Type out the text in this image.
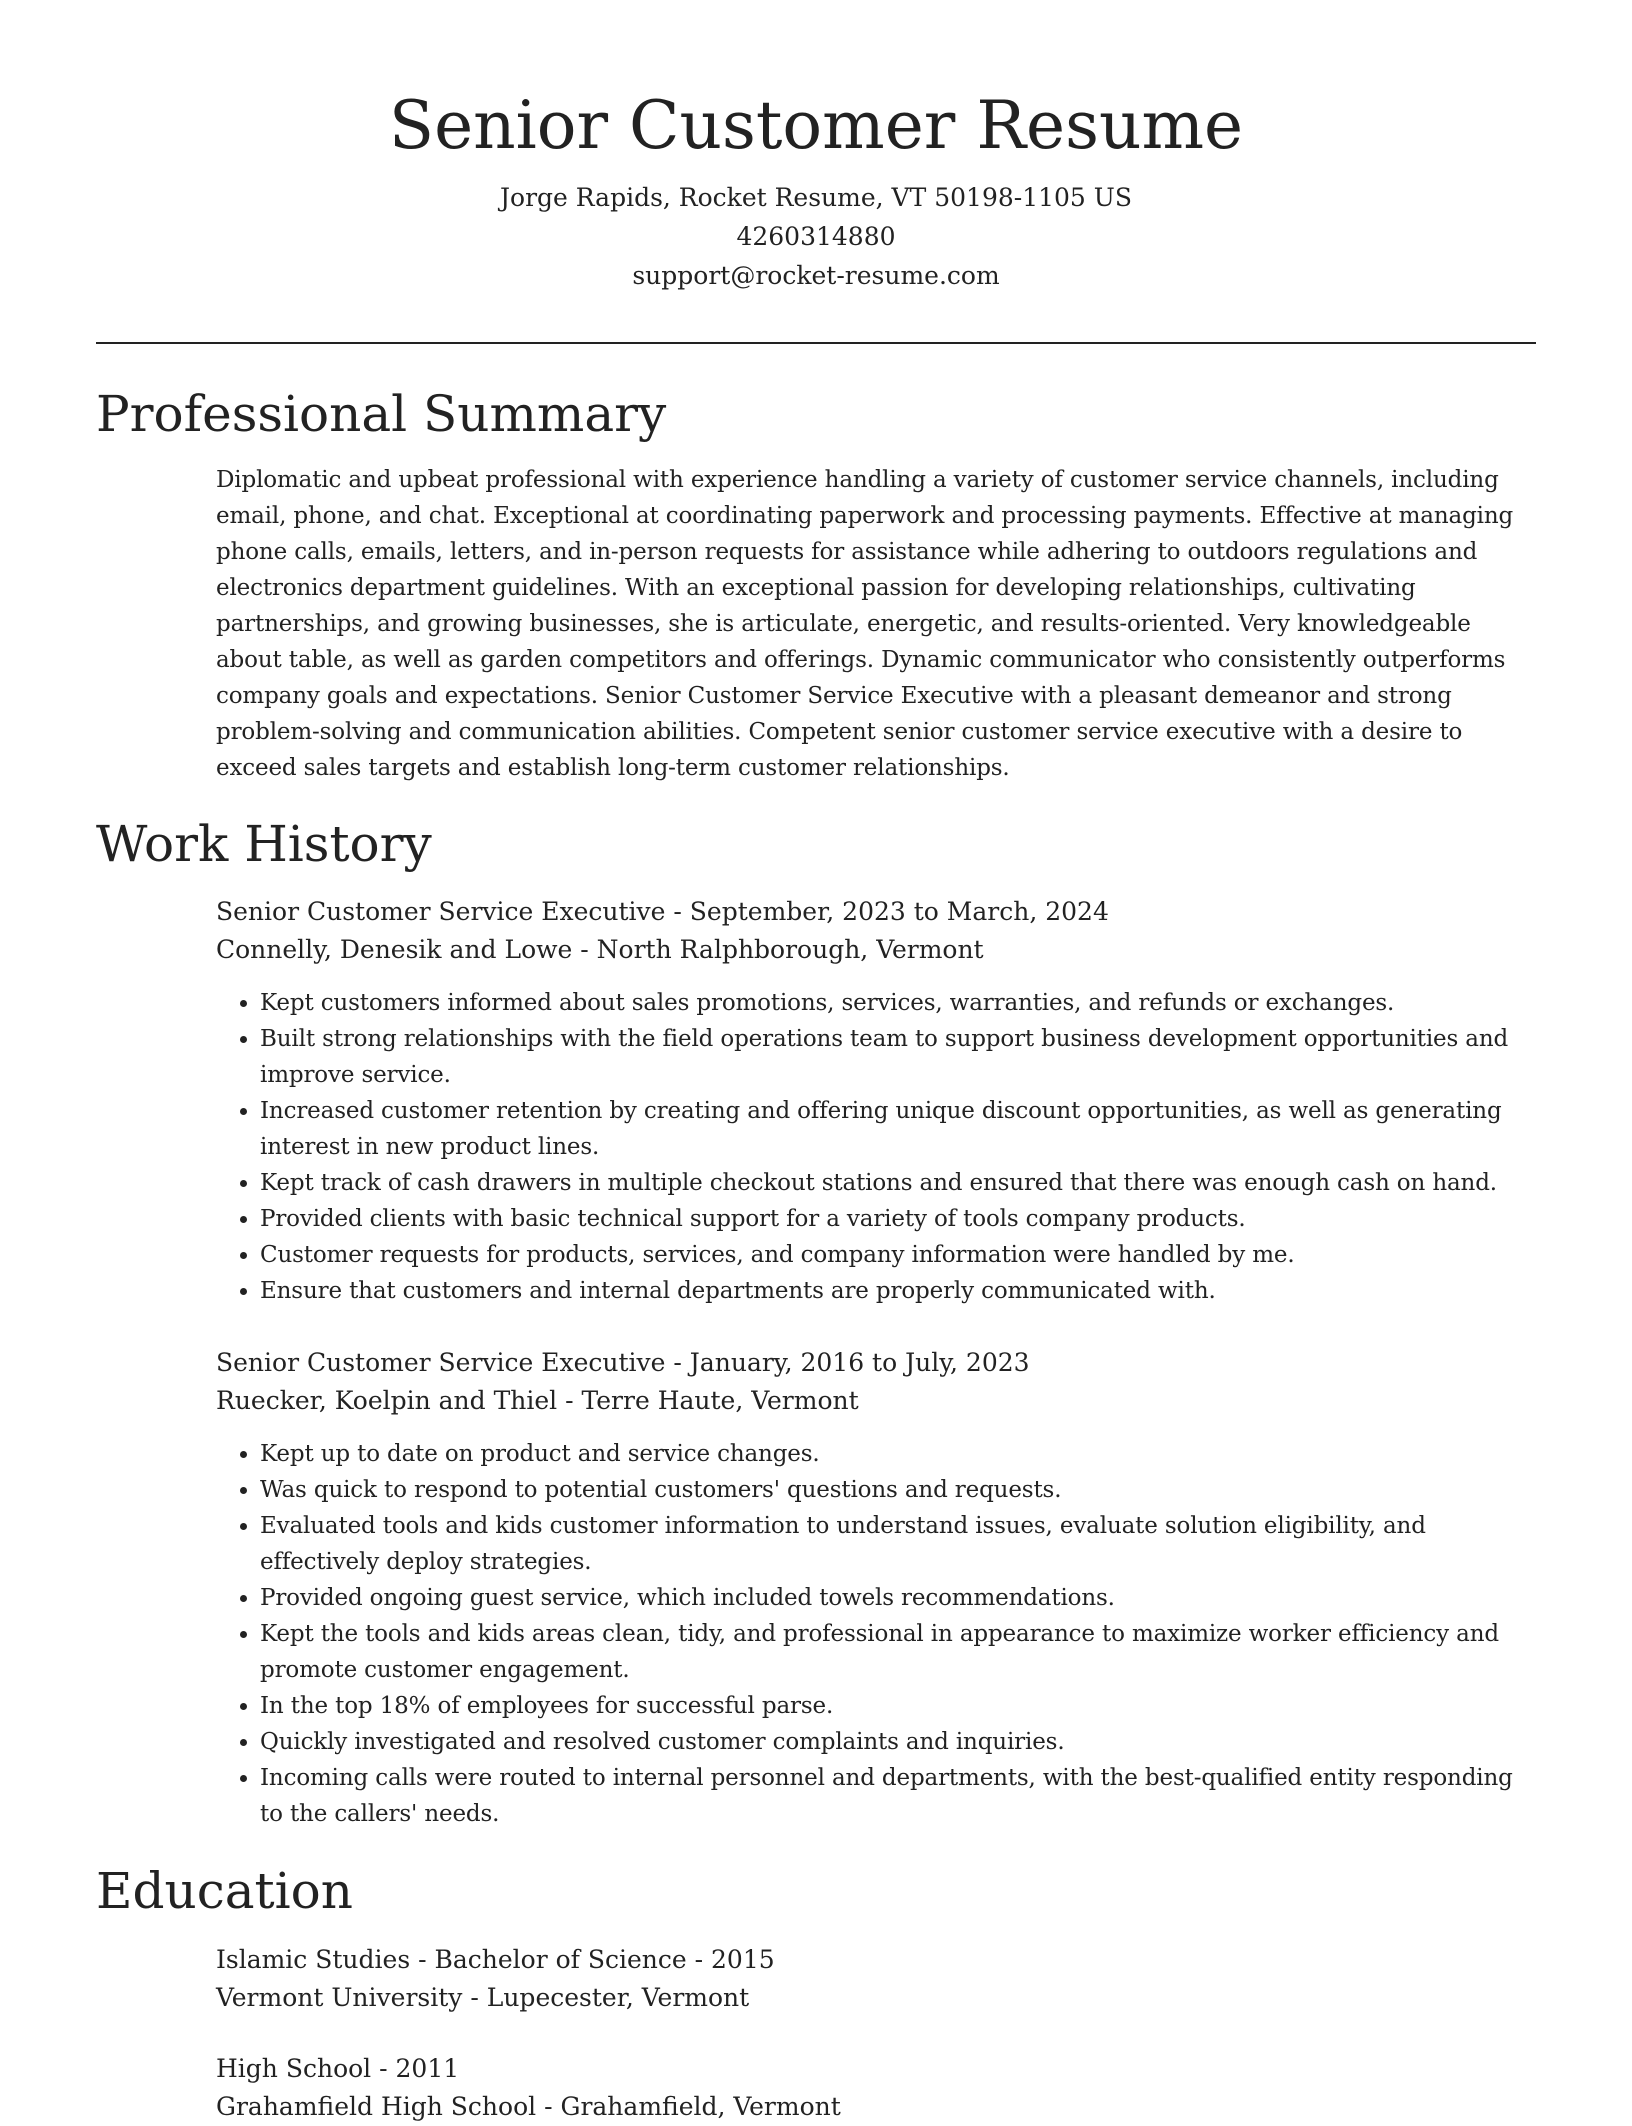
Senior Customer Resume

Jorge Rapids, Rocket Resume, VT 50198-1105 US

4260314880

support@rocket-resume.com

Professional Summary

Diplomatic and upbeat professional with experience handling a variety of customer service channels, including email, phone, and chat. Exceptional at coordinating paperwork and processing payments. Effective at managing phone calls, emails, letters, and in-person requests for assistance while adhering to outdoors regulations and electronics department guidelines. With an exceptional passion for developing relationships, cultivating partnerships, and growing businesses, she is articulate, energetic, and results-oriented. Very knowledgeable about table, as well as garden competitors and offerings. Dynamic communicator who consistently outperforms company goals and expectations. Senior Customer Service Executive with a pleasant demeanor and strong problem-solving and communication abilities. Competent senior customer service executive with a desire to exceed sales targets and establish long-term customer relationships.

Work History

Senior Customer Service Executive - September, 2023 to March, 2024

Connelly, Denesik and Lowe - North Ralphborough, Vermont

• Kept customers informed about sales promotions, services, warranties, and refunds or exchanges.
• Built strong relationships with the field operations team to support business development opportunities and improve service.
• Increased customer retention by creating and offering unique discount opportunities, as well as generating interest in new product lines.
• Kept track of cash drawers in multiple checkout stations and ensured that there was enough cash on hand.
• Provided clients with basic technical support for a variety of tools company products.
• Customer requests for products, services, and company information were handled by me.
• Ensure that customers and internal departments are properly communicated with.

Senior Customer Service Executive - January, 2016 to July, 2023

Ruecker, Koelpin and Thiel - Terre Haute, Vermont

• Kept up to date on product and service changes.
• Was quick to respond to potential customers' questions and requests.
• Evaluated tools and kids customer information to understand issues, evaluate solution eligibility, and effectively deploy strategies.
• Provided ongoing guest service, which included towels recommendations.
• Kept the tools and kids areas clean, tidy, and professional in appearance to maximize worker efficiency and promote customer engagement.
• In the top 18% of employees for successful parse.
• Quickly investigated and resolved customer complaints and inquiries.
• Incoming calls were routed to internal personnel and departments, with the best-qualified entity responding to the callers' needs.
Education

Islamic Studies - Bachelor of Science - 2015

Vermont University - Lupecester, Vermont

High School - 2011

Grahamfield High School - Grahamfield, Vermont
